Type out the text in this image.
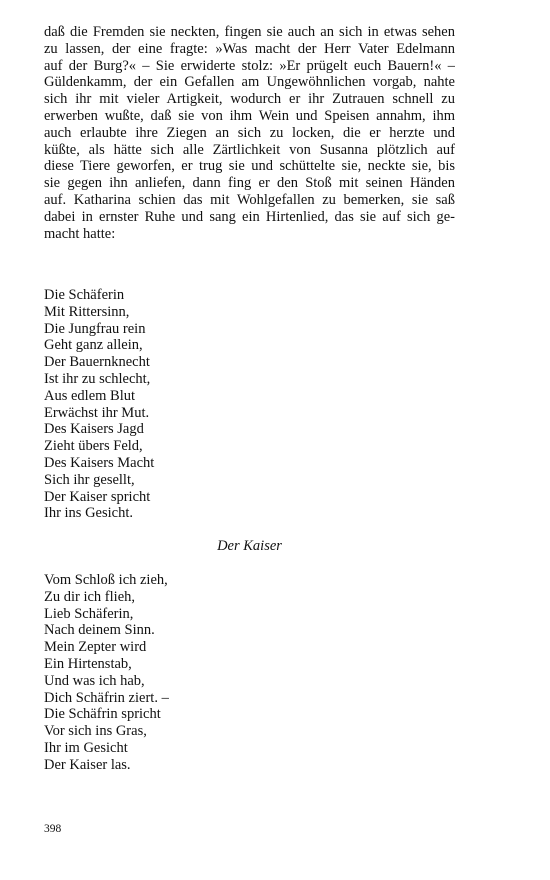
daß die Fremden sie neckten, fingen sie auch an sich in etwas sehen
zu lassen, der eine fragte: »Was macht der Herr Vater Edelmann
auf der Burg?« – Sie erwiderte stolz: »Er prügelt euch Bauern!« –
Güldenkamm, der ein Gefallen am Ungewöhnlichen vorgab, nahte
sich ihr mit vieler Artigkeit, wodurch er ihr Zutrauen schnell zu
erwerben wußte, daß sie von ihm Wein und Speisen annahm, ihm
auch erlaubte ihre Ziegen an sich zu locken, die er herzte und
küßte, als hätte sich alle Zärtlichkeit von Susanna plötzlich auf
diese Tiere geworfen, er trug sie und schüttelte sie, neckte sie, bis
sie gegen ihn anliefen, dann fing er den Stoß mit seinen Händen
auf. Katharina schien das mit Wohlgefallen zu bemerken, sie saß
dabei in ernster Ruhe und sang ein Hirtenlied, das sie auf sich ge-
macht hatte:

Die Schäferin
Mit Rittersinn,
Die Jungfrau rein
Geht ganz allein,
Der Bauernknecht
Ist ihr zu schlecht,
Aus edlem Blut
Erwächst ihr Mut.
Des Kaisers Jagd
Zieht übers Feld,
Des Kaisers Macht
Sich ihr gesellt,
Der Kaiser spricht
Ihr ins Gesicht.

Der Kaiser

Vom Schloß ich zieh,
Zu dir ich flieh,
Lieb Schäferin,
Nach deinem Sinn.
Mein Zepter wird
Ein Hirtenstab,
Und was ich hab,
Dich Schäfrin ziert. –
Die Schäfrin spricht
Vor sich ins Gras,
Ihr im Gesicht
Der Kaiser las.
398
